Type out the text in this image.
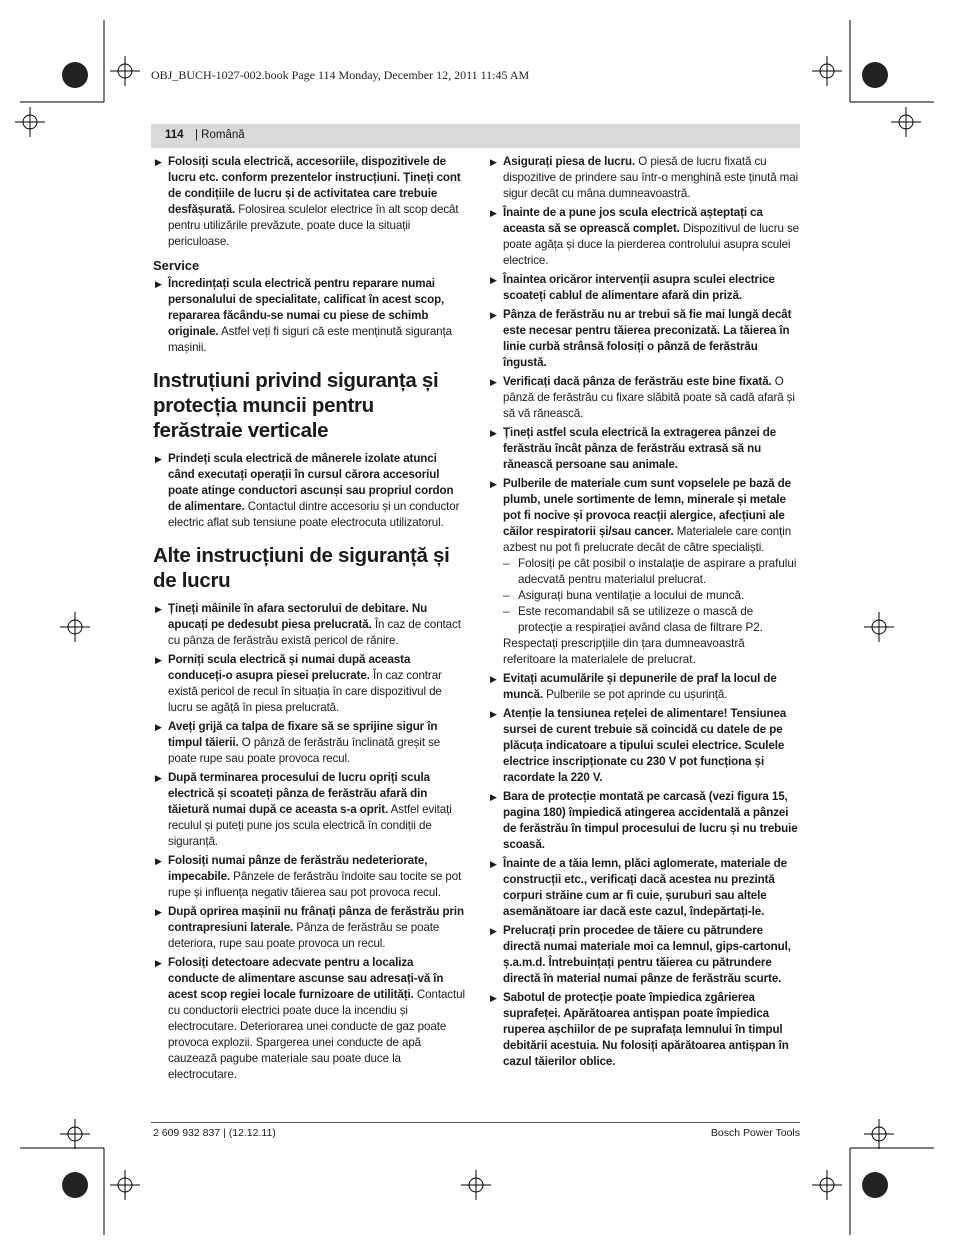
OBJ_BUCH-1027-002.book Page 114 Monday, December 12, 2011 11:45 AM
114 | Română
▶ Folosiți scula electrică, accesoriile, dispozitivele de lucru etc. conform prezentelor instrucțiuni. Țineți cont de condițiile de lucru și de activitatea care trebuie desfășurată. Folosirea sculelor electrice în alt scop decât pentru utilizările prevăzute, poate duce la situații periculoase.
Service
▶ Încredințați scula electrică pentru reparare numai personalului de specialitate, calificat în acest scop, repararea făcându-se numai cu piese de schimb originale. Astfel veți fi siguri că este menținută siguranța mașinii.
Instruțiuni privind siguranța și protecția muncii pentru ferăstraie verticale
▶ Prindeți scula electrică de mânerele izolate atunci când executați operații în cursul cărora accesoriul poate atinge conductori ascunși sau propriul cordon de alimentare. Contactul dintre accesoriu și un conductor electric aflat sub tensiune poate electrocuta utilizatorul.
Alte instrucțiuni de siguranță și de lucru
▶ Țineți mâinile în afara sectorului de debitare. Nu apucați pe dedesubt piesa prelucrată. În caz de contact cu pânza de ferăstrău există pericol de rănire.
▶ Porniți scula electrică și numai după aceasta conduceți-o asupra piesei prelucrate. În caz contrar există pericol de recul în situația în care dispozitivul de lucru se agăță în piesa prelucrată.
▶ Aveți grijă ca talpa de fixare să se sprijine sigur în timpul tăierii. O pânză de ferăstrău înclinată greșit se poate rupe sau poate provoca recul.
▶ După terminarea procesului de lucru opriți scula electrică și scoateți pânza de ferăstrău afară din tăietură numai după ce aceasta s-a oprit. Astfel evitați reculul și puteți pune jos scula electrică în condiții de siguranță.
▶ Folosiți numai pânze de ferăstrău nedeteriorate, impecabile. Pânzele de ferăstrău îndoite sau tocite se pot rupe și influența negativ tăierea sau pot provoca recul.
▶ După oprirea mașinii nu frânați pânza de ferăstrău prin contrapresiuni laterale. Pânza de ferăstrău se poate deteriora, rupe sau poate provoca un recul.
▶ Folosiți detectoare adecvate pentru a localiza conducte de alimentare ascunse sau adresați-vă în acest scop regiei locale furnizoare de utilități. Contactul cu conductorii electrici poate duce la incendiu și electrocutare. Deteriorarea unei conducte de gaz poate provoca explozii. Spargerea unei conducte de apă cauzează pagube materiale sau poate duce la electrocutare.
▶ Asigurați piesa de lucru. O piesă de lucru fixată cu dispozitive de prindere sau într-o menghină este ținută mai sigur decât cu mâna dumneavoastră.
▶ Înainte de a pune jos scula electrică așteptați ca aceasta să se oprească complet. Dispozitivul de lucru se poate agăța și duce la pierderea controlului asupra sculei electrice.
▶ Înaintea oricăror intervenții asupra sculei electrice scoateți cablul de alimentare afară din priză.
▶ Pânza de ferăstrău nu ar trebui să fie mai lungă decât este necesar pentru tăierea preconizată. La tăierea în linie curbă strânsă folosiți o pânză de ferăstrău îngustă.
▶ Verificați dacă pânza de ferăstrău este bine fixată. O pânză de ferăstrău cu fixare slăbită poate să cadă afară și să vă rănească.
▶ Țineți astfel scula electrică la extragerea pânzei de ferăstrău încât pânza de ferăstrău extrasă să nu rănească persoane sau animale.
▶ Pulberile de materiale cum sunt vopselele pe bază de plumb, unele sortimente de lemn, minerale și metale pot fi nocive și provoca reacții alergice, afecțiuni ale căilor respiratorii și/sau cancer. Materialele care conțin azbest nu pot fi prelucrate decât de către specialiști.
– Folosiți pe cât posibil o instalație de aspirare a prafului adecvată pentru materialul prelucrat.
– Asigurați buna ventilație a locului de muncă.
– Este recomandabil să se utilizeze o mască de protecție a respirației având clasa de filtrare P2.
Respectați prescripțiile din țara dumneavoastră referitoare la materialele de prelucrat.
▶ Evitați acumulările și depunerile de praf la locul de muncă. Pulberile se pot aprinde cu ușurință.
▶ Atenție la tensiunea rețelei de alimentare! Tensiunea sursei de curent trebuie să coincidă cu datele de pe plăcuța indicatoare a tipului sculei electrice. Sculele electrice inscripționate cu 230 V pot funcționa și racordate la 220 V.
▶ Bara de protecție montată pe carcasă (vezi figura 15, pagina 180) împiedică atingerea accidentală a pânzei de ferăstrău în timpul procesului de lucru și nu trebuie scoasă.
▶ Înainte de a tăia lemn, plăci aglomerate, materiale de construcții etc., verificați dacă acestea nu prezintă corpuri străine cum ar fi cuie, șuruburi sau altele asemănătoare iar dacă este cazul, îndepărtați-le.
▶ Prelucrați prin procedee de tăiere cu pătrundere directă numai materiale moi ca lemnul, gips-cartonul, ș.a.m.d. Întrebuințați pentru tăierea cu pătrundere directă în material numai pânze de ferăstrău scurte.
▶ Sabotul de protecție poate împiedica zgârierea suprafeței. Apărătoarea antișpan poate împiedica ruperea așchiilor de pe suprafața lemnului în timpul debitării acestuia. Nu folosiți apărătoarea antișpan în cazul tăierilor oblice.
2 609 932 837 | (12.12.11)	Bosch Power Tools
